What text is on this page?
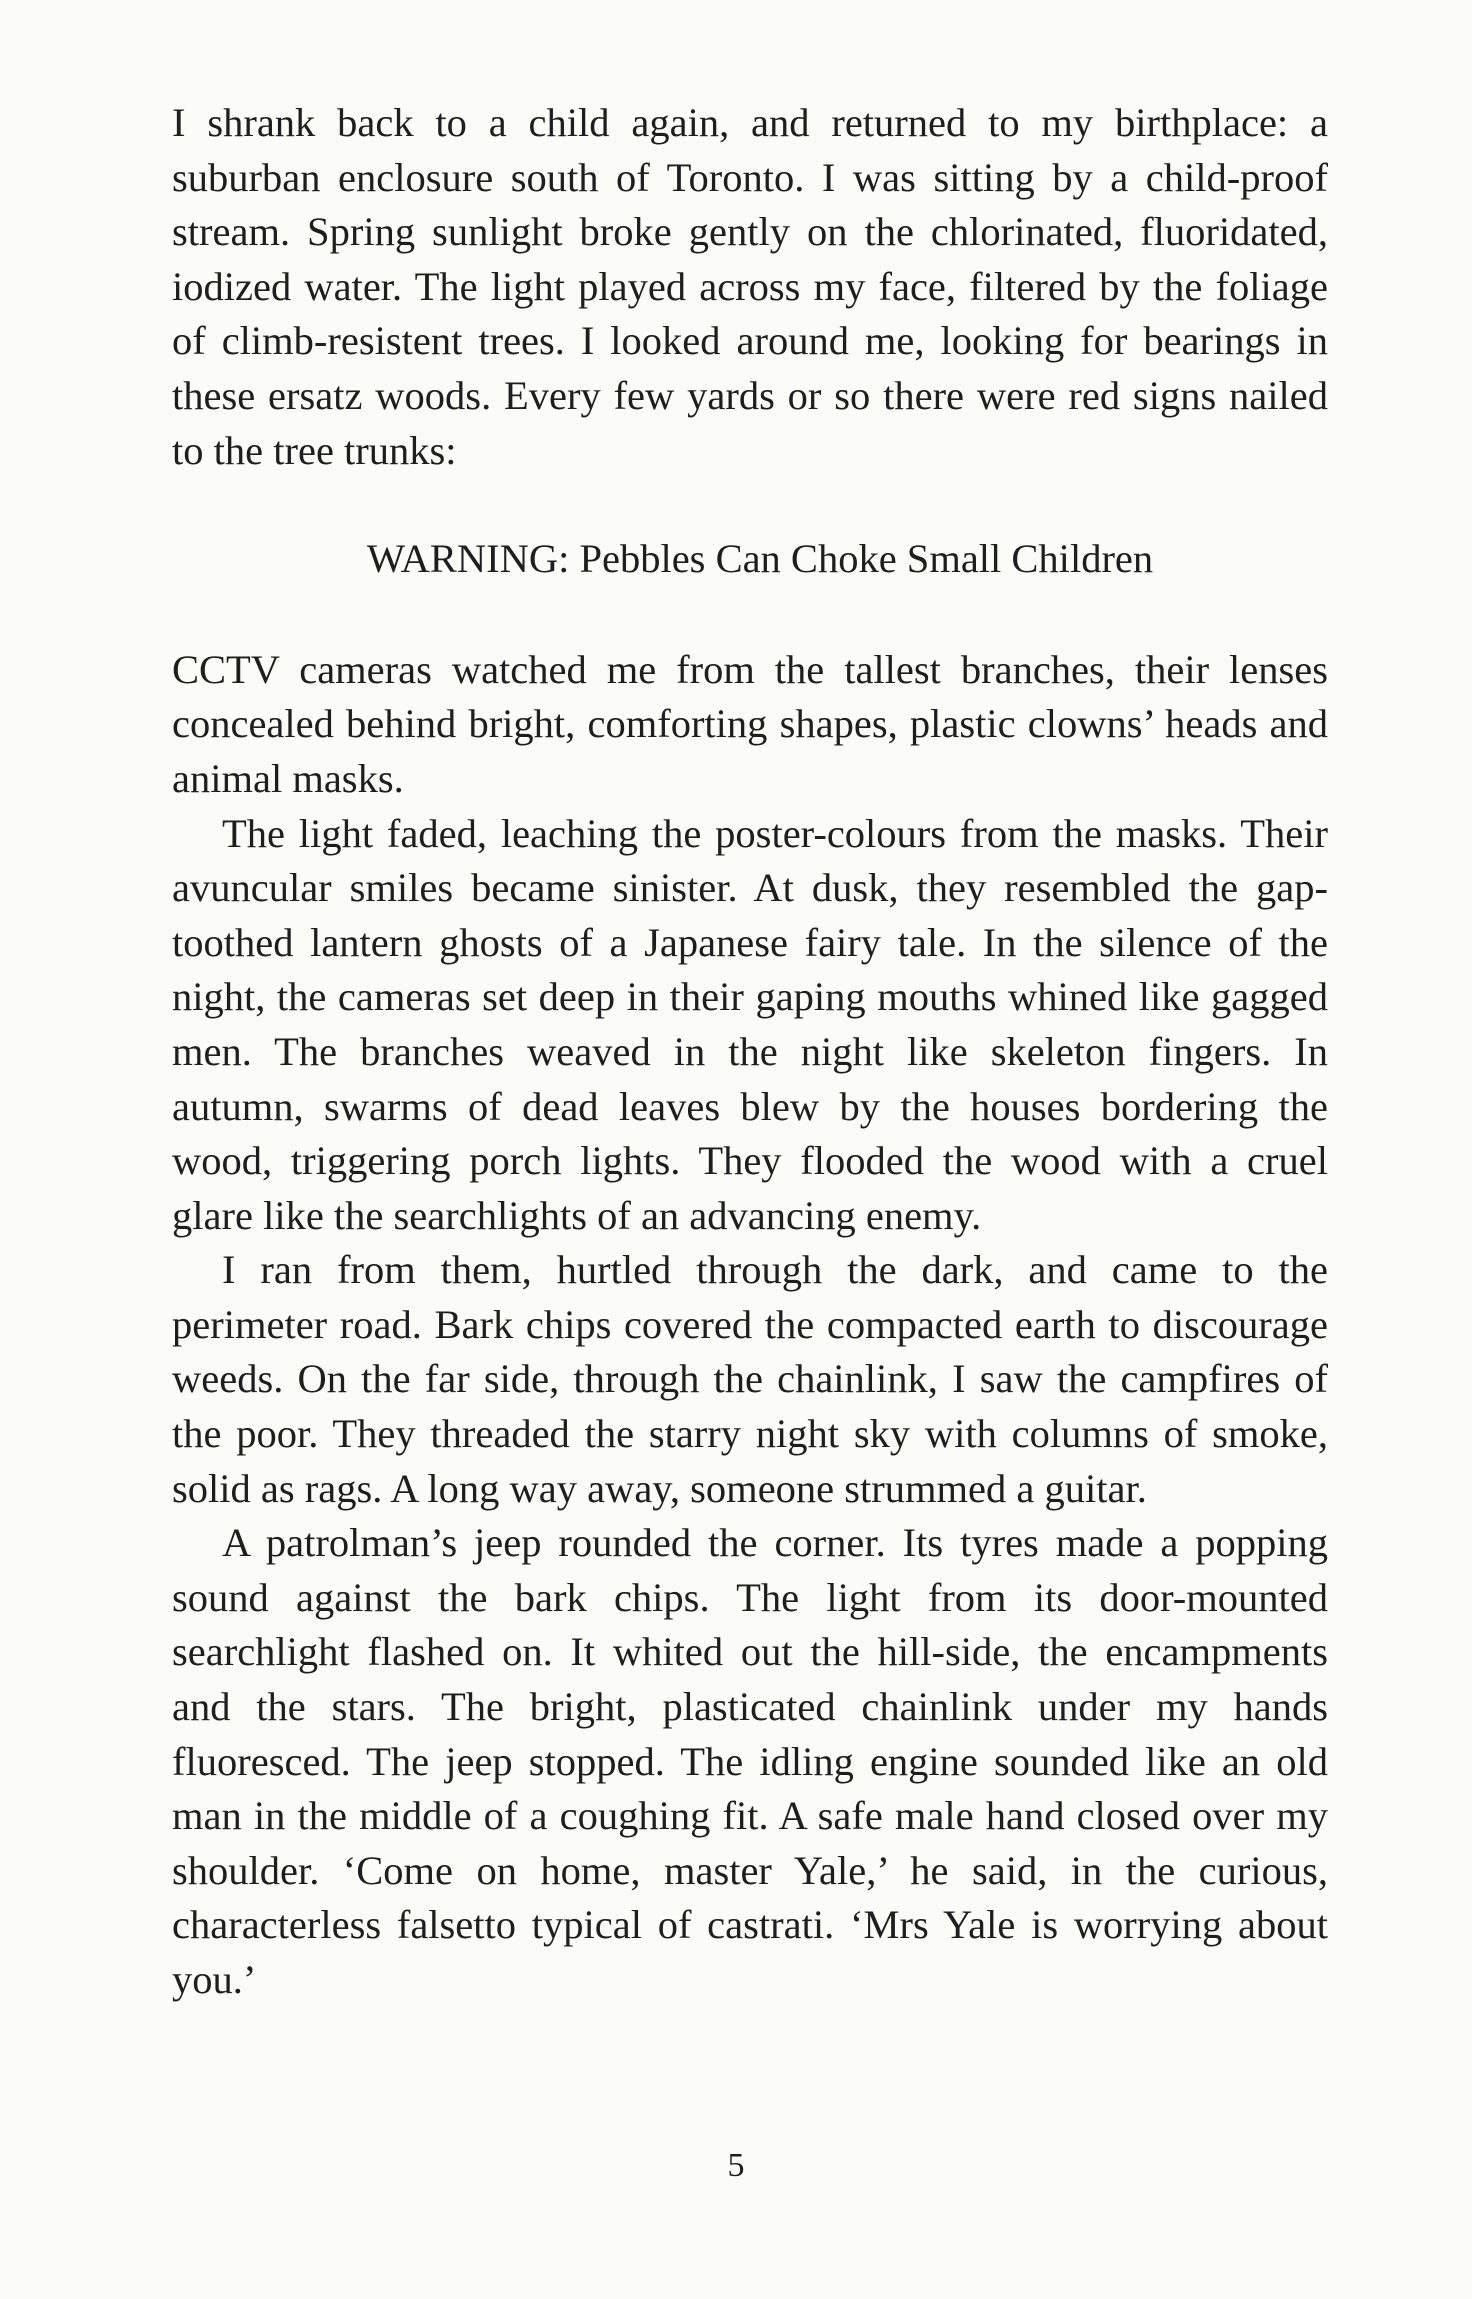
I shrank back to a child again, and returned to my birthplace: a suburban enclosure south of Toronto. I was sitting by a child-proof stream. Spring sunlight broke gently on the chlorinated, fluoridated, iodized water. The light played across my face, filtered by the foliage of climb-resistent trees. I looked around me, looking for bearings in these ersatz woods. Every few yards or so there were red signs nailed to the tree trunks:

WARNING: Pebbles Can Choke Small Children

CCTV cameras watched me from the tallest branches, their lenses concealed behind bright, comforting shapes, plastic clowns’ heads and animal masks.

The light faded, leaching the poster-colours from the masks. Their avuncular smiles became sinister. At dusk, they resembled the gap-toothed lantern ghosts of a Japanese fairy tale. In the silence of the night, the cameras set deep in their gaping mouths whined like gagged men. The branches weaved in the night like skeleton fingers. In autumn, swarms of dead leaves blew by the houses bordering the wood, triggering porch lights. They flooded the wood with a cruel glare like the searchlights of an advancing enemy.

I ran from them, hurtled through the dark, and came to the perimeter road. Bark chips covered the compacted earth to discourage weeds. On the far side, through the chainlink, I saw the campfires of the poor. They threaded the starry night sky with columns of smoke, solid as rags. A long way away, someone strummed a guitar.

A patrolman’s jeep rounded the corner. Its tyres made a popping sound against the bark chips. The light from its door-mounted searchlight flashed on. It whited out the hill-side, the encampments and the stars. The bright, plasticated chainlink under my hands fluoresced. The jeep stopped. The idling engine sounded like an old man in the middle of a coughing fit. A safe male hand closed over my shoulder. ‘Come on home, master Yale,’ he said, in the curious, characterless falsetto typical of castrati. ‘Mrs Yale is worrying about you.’

5
